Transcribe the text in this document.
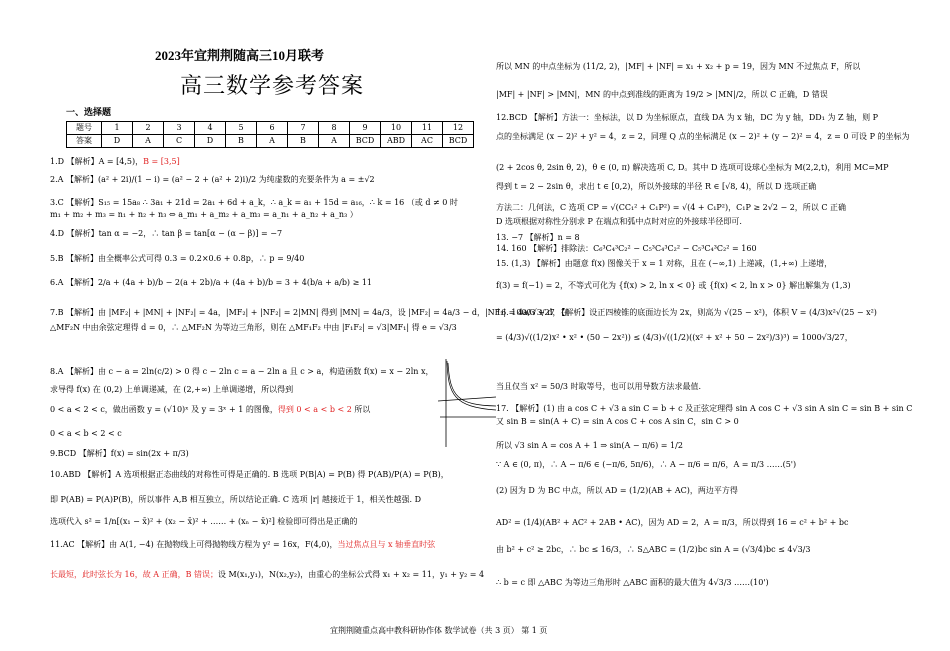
2023年宜荆荆随高三10月联考
高三数学参考答案
一、选择题
题号	1	2	3	4	5	6	7	8	9	10	11	12
答案	D	A	C	D	B	A	B	A	BCD	ABD	AC	BCD
1.D 【解析】A = [4,5)，B = [3,5]
2.A 【解析】(a² + 2i)/(1 − i) = (a² − 2 + (a² + 2)i)/2 为纯虚数的充要条件为 a = ±√2
3.C 【解析】S₁₅ = 15a₈ ∴ 3a₁ + 21d = 2a₁ + 6d + a_k，∴ a_k = a₁ + 15d = a₁₆，∴ k = 16 （或 d ≠ 0 时
m₁ + m₂ + m₃ = n₁ + n₂ + n₃ ⇔ a_m₁ + a_m₂ + a_m₃ = a_n₁ + a_n₂ + a_n₃ ）
4.D 【解析】tan α = −2，∴ tan β = tan[α − (α − β)] = −7
5.B 【解析】由全概率公式可得 0.3 = 0.2×0.6 + 0.8p，∴ p = 9/40
6.A 【解析】2/a + (4a + b)/b − 2(a + 2b)/a + (4a + b)/b = 3 + 4(b/a + a/b) ≥ 11
7.B 【解析】由 |MF₂| + |MN| + |NF₂| = 4a，|MF₂| + |NF₂| = 2|MN| 得到 |MN| = 4a/3，设 |MF₂| = 4a/3 − d，|NF₂| = 4a/3 + d，在
△MF₂N 中由余弦定理得 d = 0，∴ △MF₂N 为等边三角形，则在 △MF₁F₂ 中由 |F₁F₂| = √3|MF₁| 得 e = √3/3
8.A 【解析】由 c − a = 2ln(c/2) > 0 得 c − 2ln c = a − 2ln a 且 c > a，构造函数 f(x) = x − 2ln x，
求导得 f(x) 在 (0,2) 上单调递减，在 (2,+∞) 上单调递增，所以得到
0 < a < 2 < c，做出函数 y = (√10)ˣ 及 y = 3ˣ + 1 的图像，得到 0 < a < b < 2 所以
0 < a < b < 2 < c
9.BCD 【解析】f(x) = sin(2x + π/3)
10.ABD 【解析】A 选项根据正态曲线的对称性可得是正确的. B 选项 P(B|A) = P(B) 得 P(AB)/P(A) = P(B)，
即 P(AB) = P(A)P(B)，所以事件 A,B 相互独立，所以结论正确. C 选项 |r| 越接近于 1，相关性越强. D
选项代入 s² = 1/n[(x₁ − x̄)² + (x₂ − x̄)² + …… + (xₙ − x̄)²] 检验即可得出是正确的
11.AC 【解析】由 A(1, −4) 在抛物线上可得抛物线方程为 y² = 16x，F(4,0)，当过焦点且与 x 轴垂直时弦
长最短，此时弦长为 16，故 A 正确，B 错误；设 M(x₁,y₁)，N(x₂,y₂)，由重心的坐标公式得 x₁ + x₂ = 11，y₁ + y₂ = 4
所以 MN 的中点坐标为 (11/2, 2)，|MF| + |NF| = x₁ + x₂ + p = 19，因为 MN 不过焦点 F，所以
|MF| + |NF| > |MN|，MN 的中点到准线的距离为 19/2 > |MN|/2，所以 C 正确，D 错误
12.BCD 【解析】方法一：坐标法，以 D 为坐标原点，直线 DA 为 x 轴，DC 为 y 轴，DD₁ 为 Z 轴，则 P
点的坐标满足 (x − 2)² + y² = 4，z = 2，同理 Q 点的坐标满足 (x − 2)² + (y − 2)² = 4，z = 0 可设 P 的坐标为
(2 + 2cos θ, 2sin θ, 2)，θ ∈ (0, π) 解决选项 C, D。其中 D 选项可设球心坐标为 M(2,2,t)，利用 MC=MP
得到 t = 2 − 2sin θ，求出 t ∈ [0,2)，所以外接球的半径 R ∈ [√8, 4)，所以 D 选项正确
方法二：几何法，C 选项 CP = √(CC₁² + C₁P²) = √(4 + C₁P²)，C₁P ≥ 2√2 − 2，所以 C 正确
D 选项根据对称性分别求 P 在端点和弧中点时对应的外接球半径即可.
13. −7 【解析】n = 8
14. 160 【解析】排除法：C₆³C₄³C₂² − C₅³C₄³C₂² − C₅³C₄³C₂² = 160
15. (1,3) 【解析】由题意 f(x) 图像关于 x = 1 对称，且在 (−∞,1) 上递减，(1,+∞) 上递增，
f(3) = f(−1) = 2，不等式可化为 {f(x) > 2, ln x < 0} 或 {f(x) < 2, ln x > 0} 解出解集为 (1,3)
16. 1000√3/27 【解析】设正四棱锥的底面边长为 2x，则高为 √(25 − x²)，体积 V = (4/3)x²√(25 − x²)
= (4/3)√((1/2)x² • x² • (50 − 2x²)) ≤ (4/3)√((1/2)((x² + x² + 50 − 2x²)/3)³) = 1000√3/27，
当且仅当 x² = 50/3 时取等号，也可以用导数方法求最值.
17. 【解析】(1) 由 a cos C + √3 a sin C = b + c 及正弦定理得 sin A cos C + √3 sin A sin C = sin B + sin C
又 sin B = sin(A + C) = sin A cos C + cos A sin C，sin C > 0
所以 √3 sin A = cos A + 1 ⇒ sin(A − π/6) = 1/2
∵ A ∈ (0, π)，∴ A − π/6 ∈ (−π/6, 5π/6)，∴ A − π/6 = π/6，A = π/3 ……(5')
(2) 因为 D 为 BC 中点，所以 AD = (1/2)(AB + AC)，两边平方得
AD² = (1/4)(AB² + AC² + 2AB • AC)，因为 AD = 2，A = π/3，所以得到 16 = c² + b² + bc
由 b² + c² ≥ 2bc，∴ bc ≤ 16/3，∴ S△ABC = (1/2)bc sin A = (√3/4)bc ≤ 4√3/3
∴ b = c 即 △ABC 为等边三角形时 △ABC 面积的最大值为 4√3/3 ……(10')
宜荆荆随重点高中教科研协作体 数学试卷（共 3 页） 第 1 页
